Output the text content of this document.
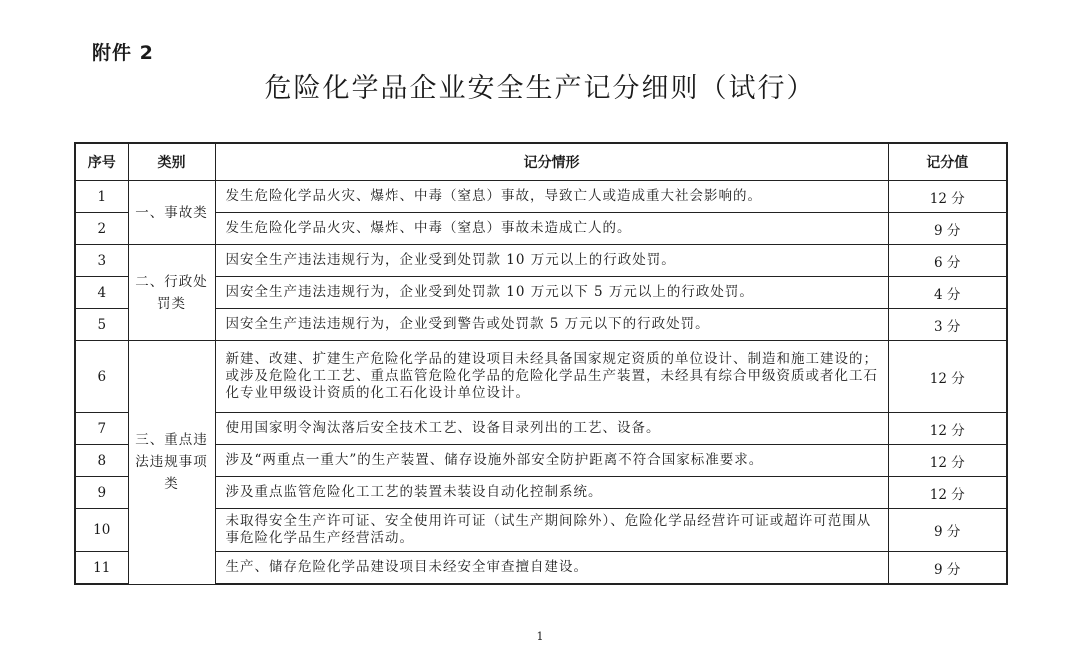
附件 2
危险化学品企业安全生产记分细则（试行）
序号	类别	记分情形	记分值
1	一、事故类	发生危险化学品火灾、爆炸、中毒（窒息）事故，导致亡人或造成重大社会影响的。	12 分
2		发生危险化学品火灾、爆炸、中毒（窒息）事故未造成亡人的。	9 分
3	二、行政处罚类	因安全生产违法违规行为，企业受到处罚款 10 万元以上的行政处罚。	6 分
4		因安全生产违法违规行为，企业受到处罚款 10 万元以下 5 万元以上的行政处罚。	4 分
5		因安全生产违法违规行为，企业受到警告或处罚款 5 万元以下的行政处罚。	3 分
6	三、重点违法违规事项类	新建、改建、扩建生产危险化学品的建设项目未经具备国家规定资质的单位设计、制造和施工建设的；或涉及危险化工工艺、重点监管危险化学品的危险化学品生产装置，未经具有综合甲级资质或者化工石化专业甲级设计资质的化工石化设计单位设计。	12 分
7		使用国家明令淘汰落后安全技术工艺、设备目录列出的工艺、设备。	12 分
8		涉及“两重点一重大”的生产装置、储存设施外部安全防护距离不符合国家标准要求。	12 分
9		涉及重点监管危险化工工艺的装置未装设自动化控制系统。	12 分
10		未取得安全生产许可证、安全使用许可证（试生产期间除外）、危险化学品经营许可证或超许可范围从事危险化学品生产经营活动。	9 分
11		生产、储存危险化学品建设项目未经安全审查擅自建设。	9 分
1
